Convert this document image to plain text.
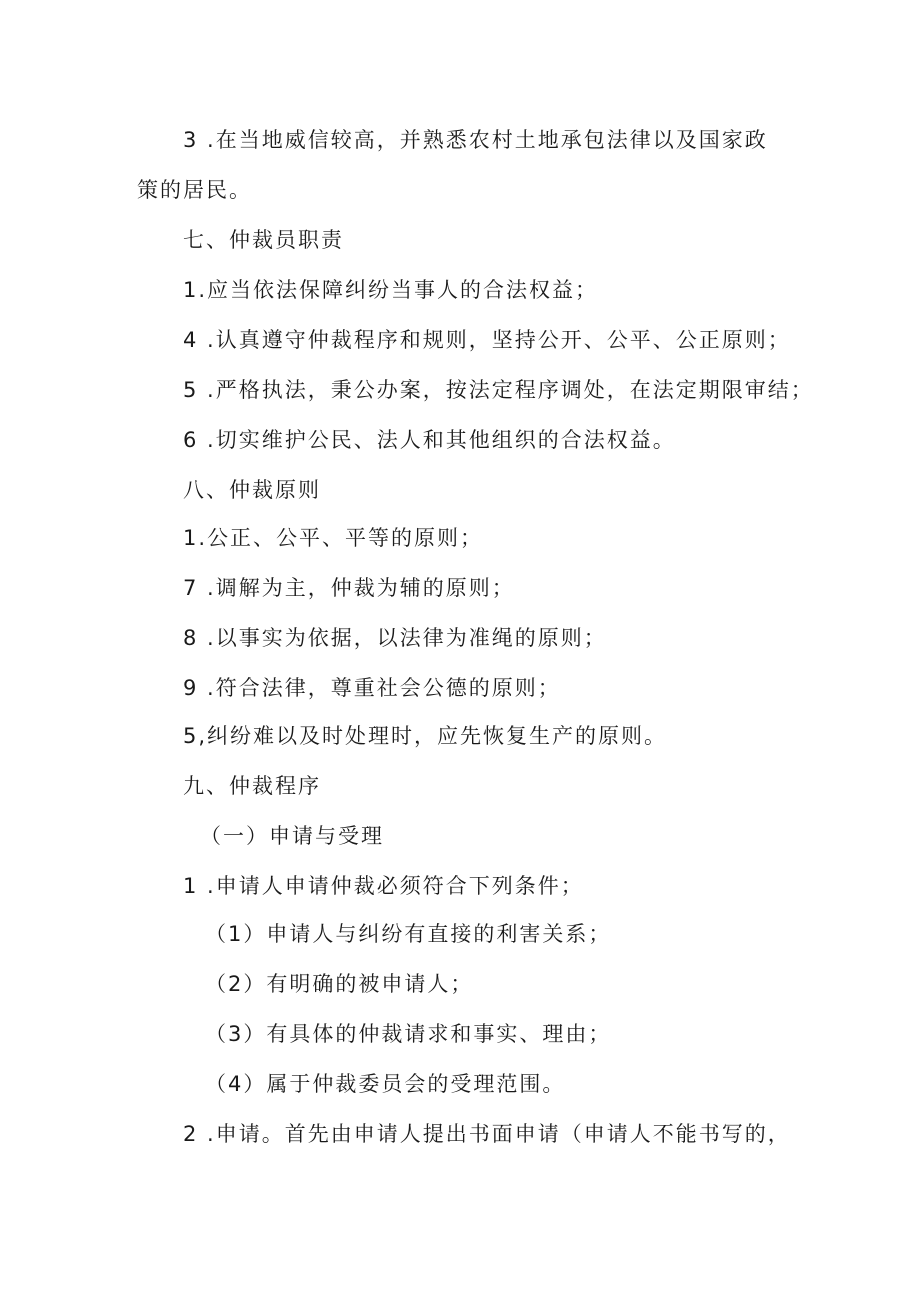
3 .在当地威信较高，并熟悉农村土地承包法律以及国家政
策的居民。
七、仲裁员职责
1.应当依法保障纠纷当事人的合法权益；
4 .认真遵守仲裁程序和规则，坚持公开、公平、公正原则；
5 .严格执法，秉公办案，按法定程序调处，在法定期限审结；
6 .切实维护公民、法人和其他组织的合法权益。
八、仲裁原则
1.公正、公平、平等的原则；
7 .调解为主，仲裁为辅的原则；
8 .以事实为依据，以法律为准绳的原则；
9 .符合法律，尊重社会公德的原则；
5,纠纷难以及时处理时，应先恢复生产的原则。
九、仲裁程序
（一）申请与受理
1 .申请人申请仲裁必须符合下列条件；
（1）申请人与纠纷有直接的利害关系；
（2）有明确的被申请人；
（3）有具体的仲裁请求和事实、理由；
（4）属于仲裁委员会的受理范围。
2 .申请。首先由申请人提出书面申请（申请人不能书写的，
